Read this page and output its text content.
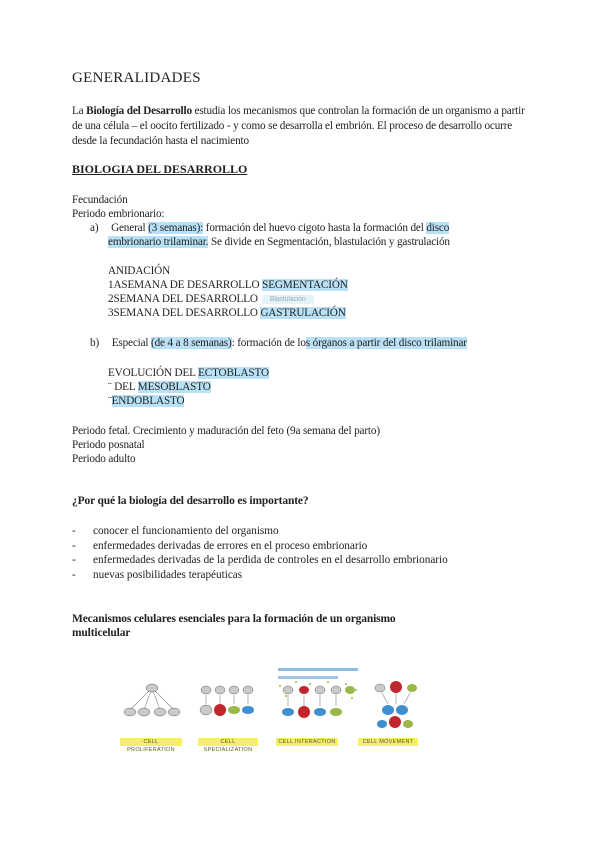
GENERALIDADES
La Biología del Desarrollo estudia los mecanismos que controlan la formación de un organismo a partir de una célula – el oocito fertilizado - y como se desarrolla el embrión. El proceso de desarrollo ocurre desde la fecundación hasta el nacimiento
BIOLOGIA DEL DESARROLLO
Fecundación
Periodo embrionario:
a) General (3 semanas): formación del huevo cigoto hasta la formación del disco
embrionario trilaminar. Se divide en Segmentación, blastulación y gastrulación
ANIDACIÓN
1ASEMANA DE DESARROLLO SEGMENTACIÓN
2SEMANA DEL DESARROLLO Blastulación
3SEMANA DEL DESARROLLO GASTRULACIÓN
b) Especial (de 4 a 8 semanas): formación de los órganos a partir del disco trilaminar
EVOLUCIÓN DEL ECTOBLASTO
¨ DEL MESOBLASTO
¨ENDOBLASTO
Periodo fetal. Crecimiento y maduración del feto (9a semana del parto)
Periodo posnatal
Periodo adulto
¿Por qué la biología del desarrollo es importante?
- conocer el funcionamiento del organismo
- enfermedades derivadas de errores en el proceso embrionario
- enfermedades derivadas de la perdida de controles en el desarrollo embrionario
- nuevas posibilidades terapéuticas
Mecanismos celulares esenciales para la formación de un organismo
multicelular
CELL PROLIFERATION
CELL SPECIALIZATION
CELL INTERACTION	CELL MOVEMENT
